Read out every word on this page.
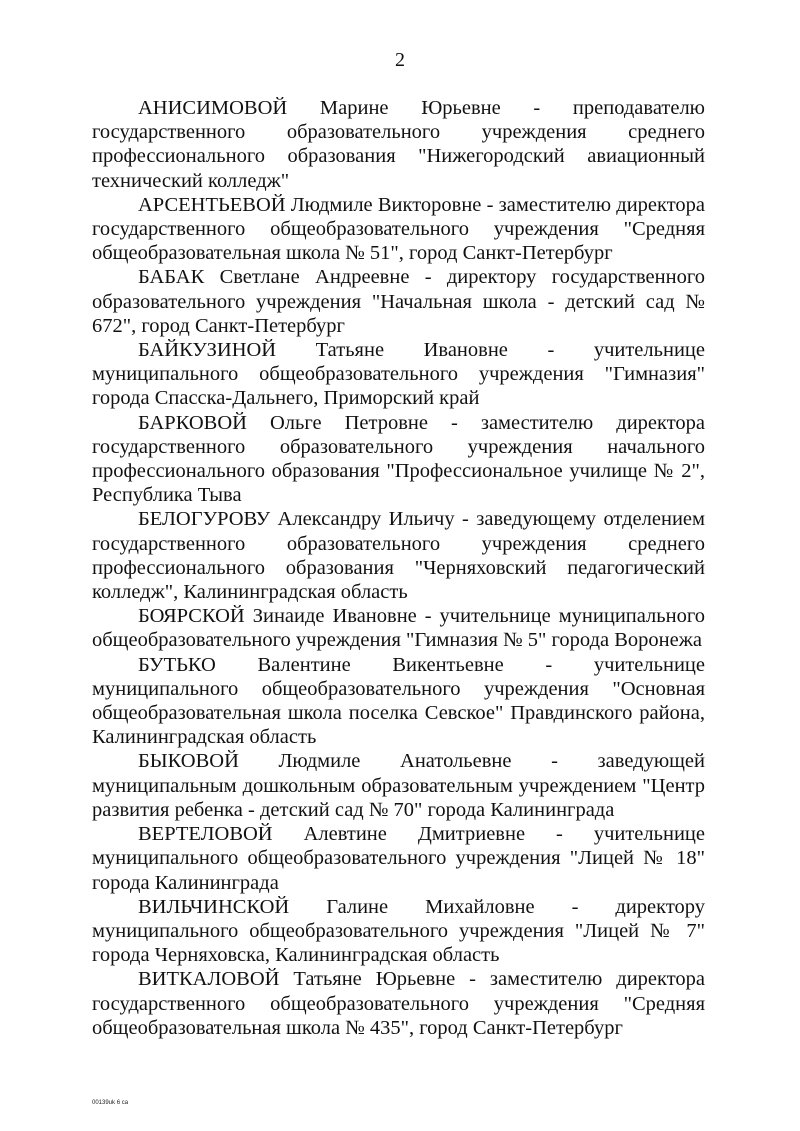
2

АНИСИМОВОЙ Марине Юрьевне - преподавателю государственного образовательного учреждения среднего профессионального образования "Нижегородский авиационный технический колледж"

АРСЕНТЬЕВОЙ Людмиле Викторовне - заместителю директора государственного общеобразовательного учреждения "Средняя общеобразовательная школа № 51", город Санкт-Петербург

БАБАК Светлане Андреевне - директору государственного образовательного учреждения "Начальная школа - детский сад № 672", город Санкт-Петербург

БАЙКУЗИНОЙ Татьяне Ивановне - учительнице муниципального общеобразовательного учреждения "Гимназия" города Спасска-Дальнего, Приморский край

БАРКОВОЙ Ольге Петровне - заместителю директора государственного образовательного учреждения начального профессионального образования "Профессиональное училище № 2", Республика Тыва

БЕЛОГУРОВУ Александру Ильичу - заведующему отделением государственного образовательного учреждения среднего профессионального образования "Черняховский педагогический колледж", Калининградская область

БОЯРСКОЙ Зинаиде Ивановне - учительнице муниципального общеобразовательного учреждения "Гимназия № 5" города Воронежа

БУТЬКО Валентине Викентьевне - учительнице муниципального общеобразовательного учреждения "Основная общеобразовательная школа поселка Севское" Правдинского района, Калининградская область

БЫКОВОЙ Людмиле Анатольевне - заведующей муниципальным дошкольным образовательным учреждением "Центр развития ребенка - детский сад № 70" города Калининграда

ВЕРТЕЛОВОЙ Алевтине Дмитриевне - учительнице муниципального общеобразовательного учреждения "Лицей № 18" города Калининграда

ВИЛЬЧИНСКОЙ Галине Михайловне - директору муниципального общеобразовательного учреждения "Лицей № 7" города Черняховска, Калининградская область

ВИТКАЛОВОЙ Татьяне Юрьевне - заместителю директора государственного общеобразовательного учреждения "Средняя общеобразовательная школа № 435", город Санкт-Петербург

00139uk 6 ca
